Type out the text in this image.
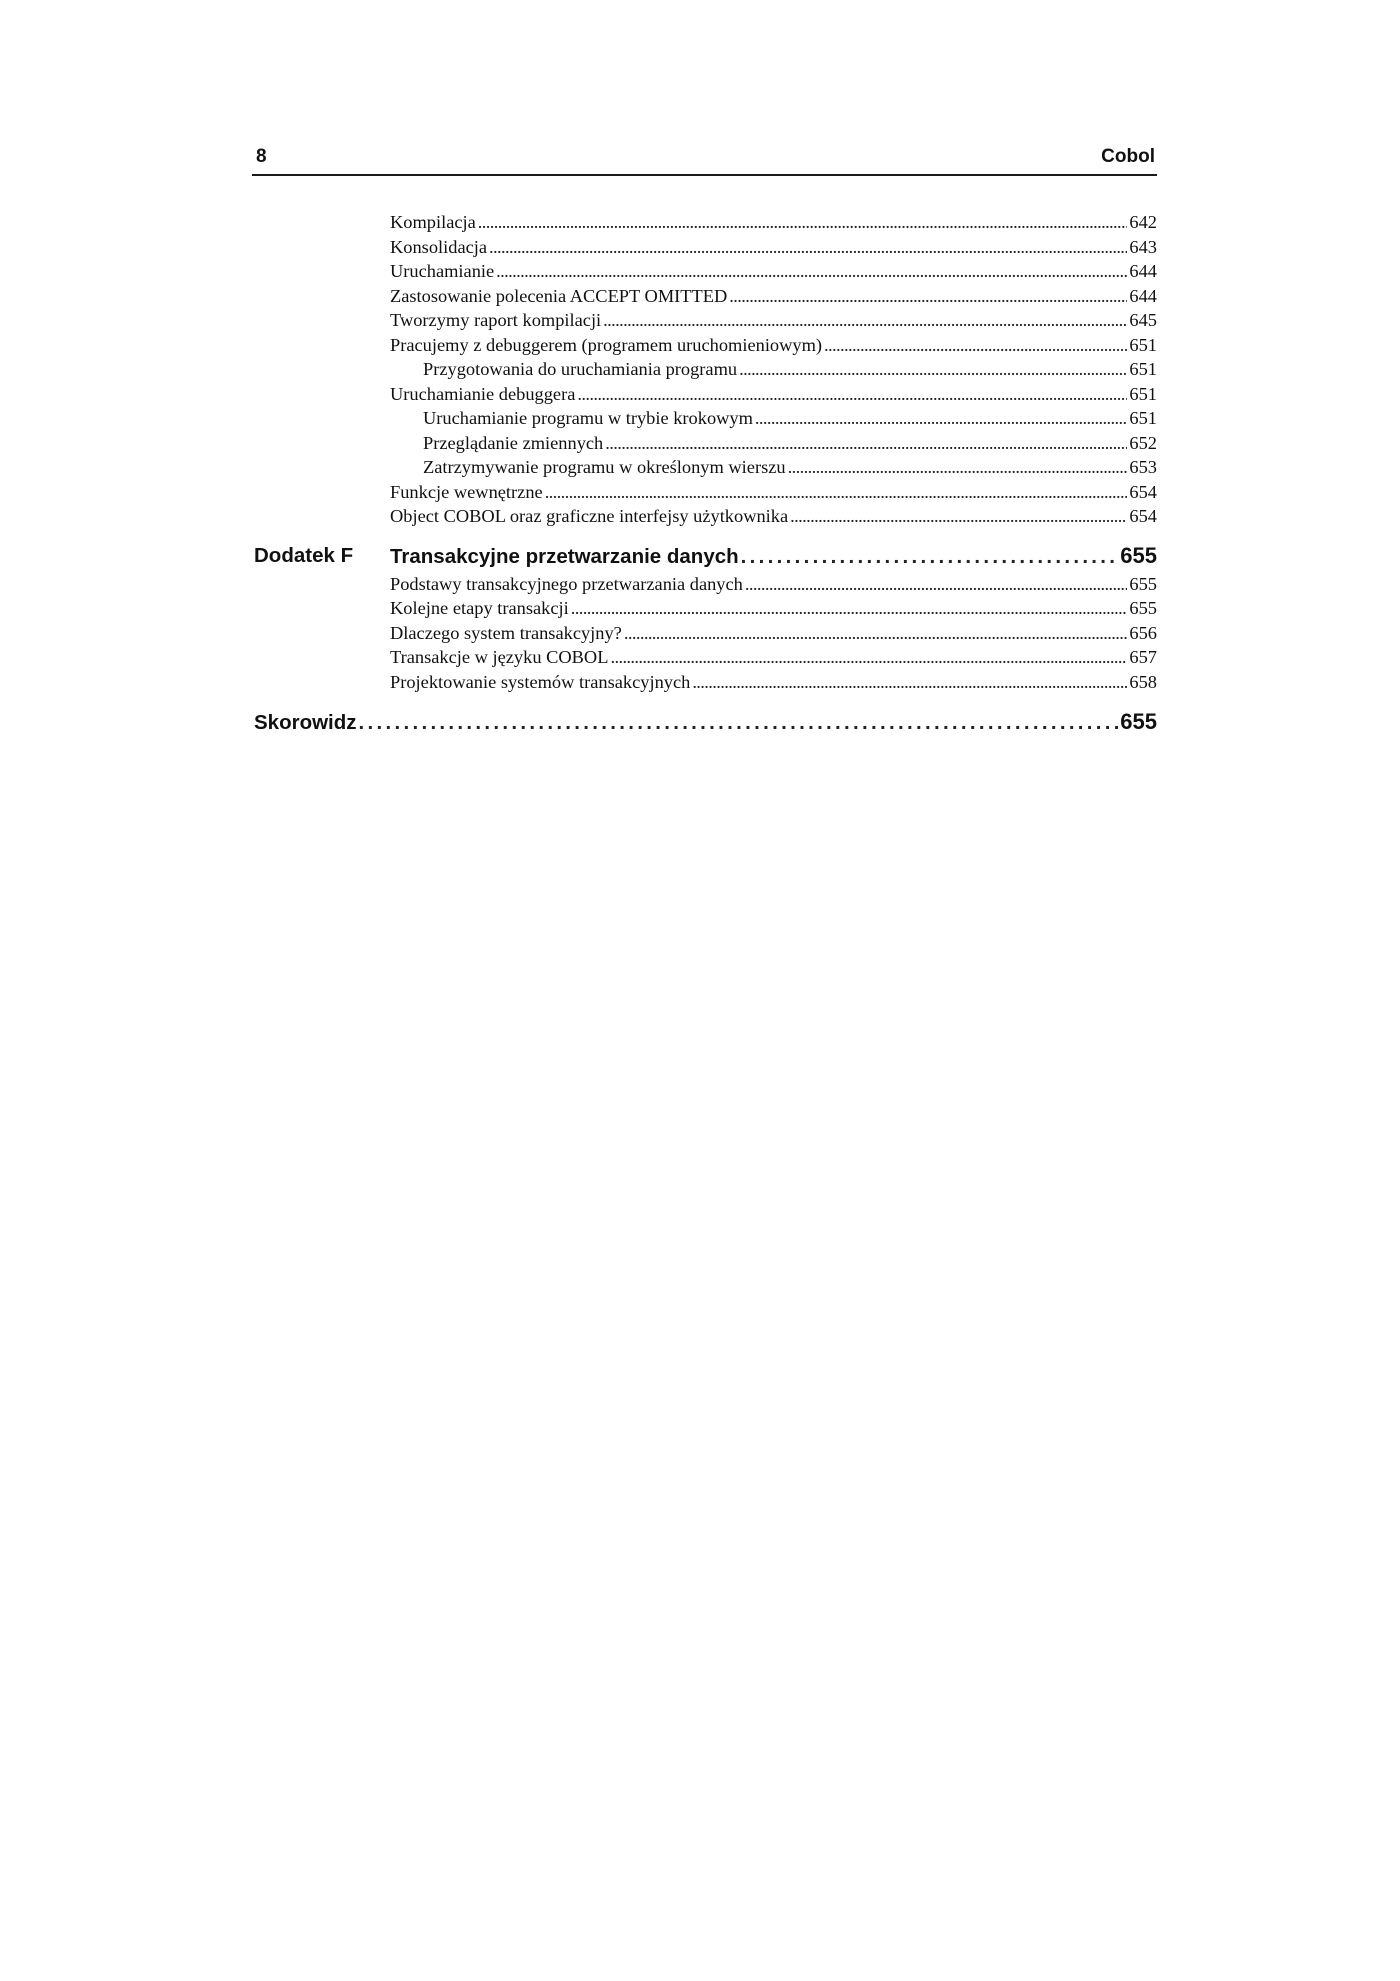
8	Cobol
Kompilacja . . .	642
Konsolidacja . . .	643
Uruchamianie . . .	644
Zastosowanie polecenia ACCEPT OMITTED . . .	644
Tworzymy raport kompilacji . . .	645
Pracujemy z debuggerem (programem uruchomieniowym) . . .	651
Przygotowania do uruchamiania programu . . .	651
Uruchamianie debuggera . . .	651
Uruchamianie programu w trybie krokowym . . .	651
Przeglądanie zmiennych . . .	652
Zatrzymywanie programu w określonym wierszu . . .	653
Funkcje wewnętrzne . . .	654
Object COBOL oraz graficzne interfejsy użytkownika . . .	654
Dodatek F Transakcyjne przetwarzanie danych . . .	655
Podstawy transakcyjnego przetwarzania danych . . .	655
Kolejne etapy transakcji . . .	655
Dlaczego system transakcyjny? . . .	656
Transakcje w języku COBOL . . .	657
Projektowanie systemów transakcyjnych . . .	658
Skorowidz . . .	655
